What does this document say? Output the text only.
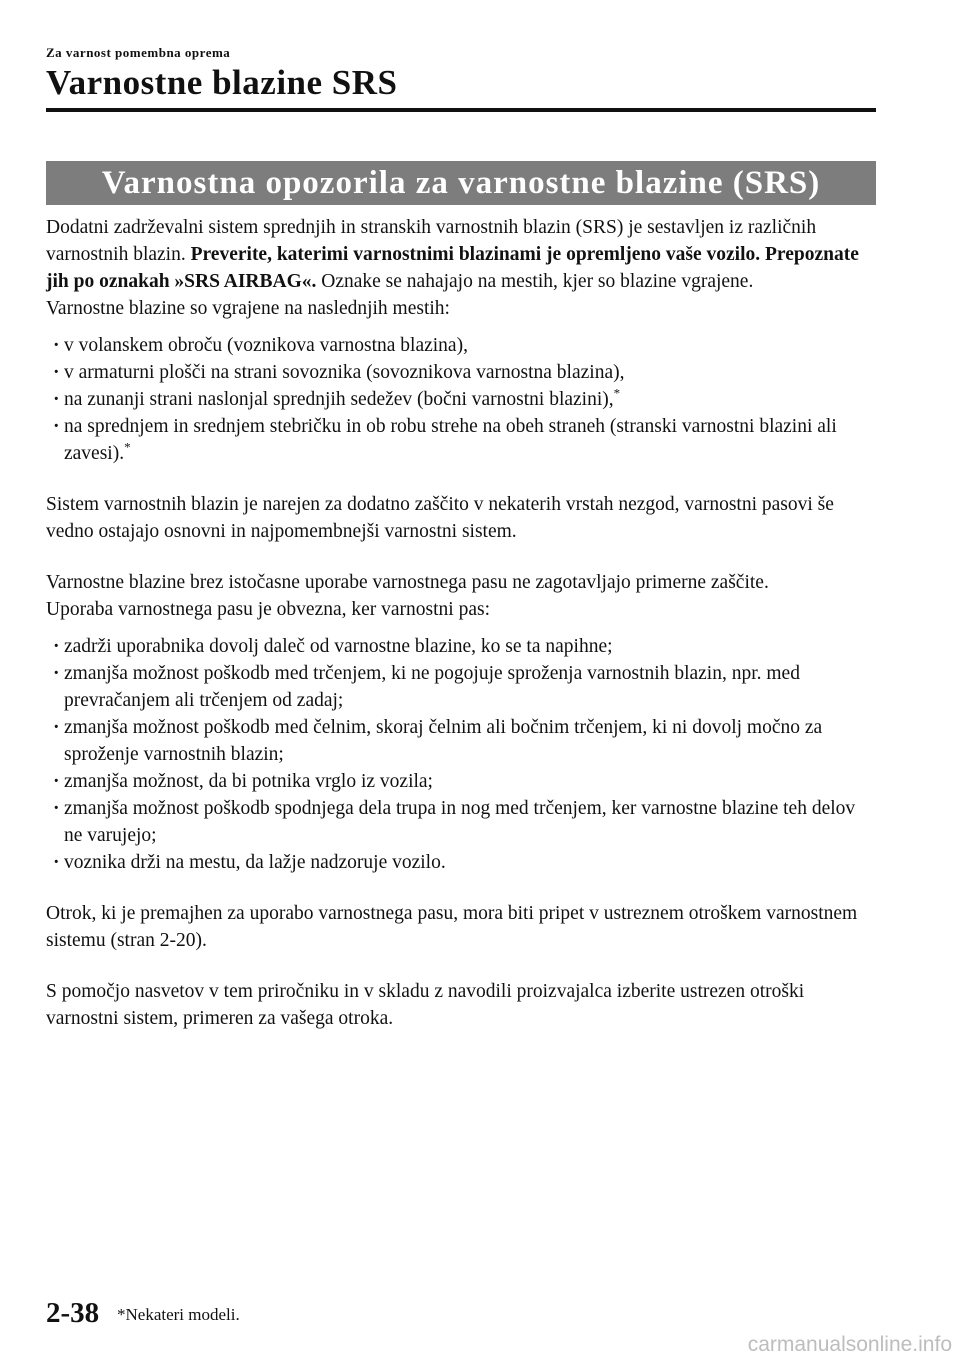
Za varnost pomembna oprema
Varnostne blazine SRS
Varnostna opozorila za varnostne blazine (SRS)

Dodatni zadrževalni sistem sprednjih in stranskih varnostnih blazin (SRS) je sestavljen iz različnih varnostnih blazin. Preverite, katerimi varnostnimi blazinami je opremljeno vaše vozilo. Prepoznate jih po oznakah »SRS AIRBAG«. Oznake se nahajajo na mestih, kjer so blazine vgrajene.

Varnostne blazine so vgrajene na naslednjih mestih:

· v volanskem obroču (voznikova varnostna blazina),
· v armaturni plošči na strani sovoznika (sovoznikova varnostna blazina),
· na zunanji strani naslonjal sprednjih sedežev (bočni varnostni blazini),*
· na sprednjem in srednjem stebričku in ob robu strehe na obeh straneh (stranski varnostni blazini ali zavesi).*

Sistem varnostnih blazin je narejen za dodatno zaščito v nekaterih vrstah nezgod, varnostni pasovi še vedno ostajajo osnovni in najpomembnejši varnostni sistem.

Varnostne blazine brez istočasne uporabe varnostnega pasu ne zagotavljajo primerne zaščite.

Uporaba varnostnega pasu je obvezna, ker varnostni pas:

· zadrži uporabnika dovolj daleč od varnostne blazine, ko se ta napihne;
· zmanjša možnost poškodb med trčenjem, ki ne pogojuje sproženja varnostnih blazin, npr. med prevračanjem ali trčenjem od zadaj;
· zmanjša možnost poškodb med čelnim, skoraj čelnim ali bočnim trčenjem, ki ni dovolj močno za sproženje varnostnih blazin;
· zmanjša možnost, da bi potnika vrglo iz vozila;
· zmanjša možnost poškodb spodnjega dela trupa in nog med trčenjem, ker varnostne blazine teh delov ne varujejo;
· voznika drži na mestu, da lažje nadzoruje vozilo.

Otrok, ki je premajhen za uporabo varnostnega pasu, mora biti pripet v ustreznem otroškem varnostnem sistemu (stran 2-20).

S pomočjo nasvetov v tem priročniku in v skladu z navodili proizvajalca izberite ustrezen otroški varnostni sistem, primeren za vašega otroka.

2-38 *Nekateri modeli.
carmanualsonline.info
